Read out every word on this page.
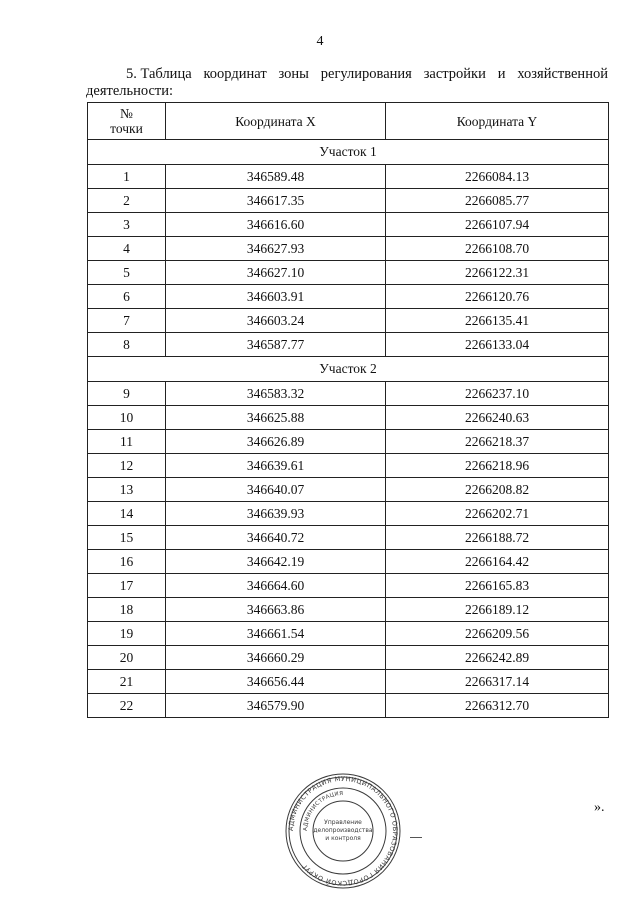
4
5. Таблица координат зоны регулирования застройки и хозяйственной
деятельности:
№
точки	Координата X	Координата Y
Участок 1		
1	346589.48	2266084.13
2	346617.35	2266085.77
3	346616.60	2266107.94
4	346627.93	2266108.70
5	346627.10	2266122.31
6	346603.91	2266120.76
7	346603.24	2266135.41
8	346587.77	2266133.04
Участок 2		
9	346583.32	2266237.10
10	346625.88	2266240.63
11	346626.89	2266218.37
12	346639.61	2266218.96
13	346640.07	2266208.82
14	346639.93	2266202.71
15	346640.72	2266188.72
16	346642.19	2266164.42
17	346664.60	2266165.83
18	346663.86	2266189.12
19	346661.54	2266209.56
20	346660.29	2266242.89
21	346656.44	2266317.14
22	346579.90	2266312.70
».
АДМИНИСТРАЦИЯ МУНИЦИПАЛЬНОГО ОБРАЗОВАНИЯ ГОРОДСКОЙ ОКРУГ
АДМИНИСТРАЦИЯ
Управление
делопроизводства
и контроля
